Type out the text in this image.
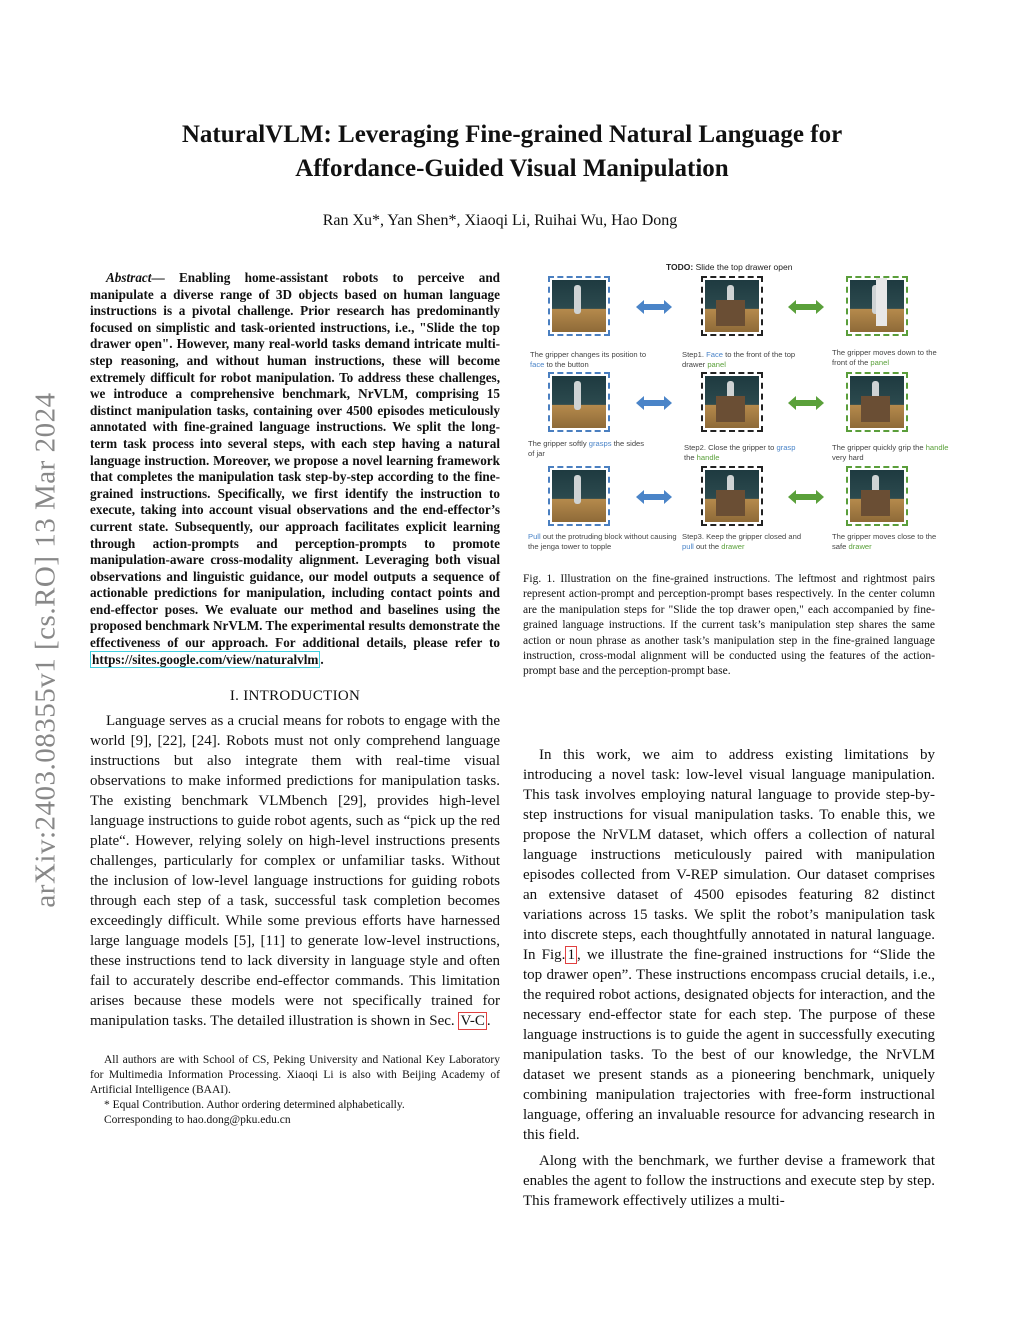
arXiv:2403.08355v1 [cs.RO] 13 Mar 2024
NaturalVLM: Leveraging Fine-grained Natural Language for
Affordance-Guided Visual Manipulation
Ran Xu*, Yan Shen*, Xiaoqi Li, Ruihai Wu, Hao Dong

Abstract— Enabling home-assistant robots to perceive and manipulate a diverse range of 3D objects based on human language instructions is a pivotal challenge. Prior research has predominantly focused on simplistic and task-oriented instructions, i.e., "Slide the top drawer open". However, many real-world tasks demand intricate multi-step reasoning, and without human instructions, these will become extremely difficult for robot manipulation. To address these challenges, we introduce a comprehensive benchmark, NrVLM, comprising 15 distinct manipulation tasks, containing over 4500 episodes meticulously annotated with fine-grained language instructions. We split the long-term task process into several steps, with each step having a natural language instruction. Moreover, we propose a novel learning framework that completes the manipulation task step-by-step according to the fine-grained instructions. Specifically, we first identify the instruction to execute, taking into account visual observations and the end-effector’s current state. Subsequently, our approach facilitates explicit learning through action-prompts and perception-prompts to promote manipulation-aware cross-modality alignment. Leveraging both visual observations and linguistic guidance, our model outputs a sequence of actionable predictions for manipulation, including contact points and end-effector poses. We evaluate our method and baselines using the proposed benchmark NrVLM. The experimental results demonstrate the effectiveness of our approach. For additional details, please refer to https://sites.google.com/view/naturalvlm .

I. INTRODUCTION

Language serves as a crucial means for robots to engage with the world [9], [22], [24]. Robots must not only comprehend language instructions but also integrate them with real-time visual observations to make informed predictions for manipulation tasks. The existing benchmark VLMbench [29], provides high-level language instructions to guide robot agents, such as “pick up the red plate“. However, relying solely on high-level instructions presents challenges, particularly for complex or unfamiliar tasks. Without the inclusion of low-level language instructions for guiding robots through each step of a task, successful task completion becomes exceedingly difficult. While some previous efforts have harnessed large language models [5], [11] to generate low-level instructions, these instructions tend to lack diversity in language style and often fail to accurately describe end-effector commands. This limitation arises because these models were not specifically trained for manipulation tasks. The detailed illustration is shown in Sec. V-C .

All authors are with School of CS, Peking University and National Key Laboratory for Multimedia Information Processing. Xiaoqi Li is also with Beijing Academy of Artificial Intelligence (BAAI).

* Equal Contribution. Author ordering determined alphabetically.

Corresponding to hao.dong@pku.edu.cn

TODO: Slide the top drawer open
The gripper changes its position to face to the button
Step1. Face to the front of the top drawer panel
The gripper moves down to the front of the panel
The gripper softly grasps the sides of jar
Step2. Close the gripper to grasp the handle
The gripper quickly grip the handle very hard
Pull out the protruding block without causing the jenga tower to topple
Step3. Keep the gripper closed and pull out the drawer
The gripper moves close to the safe drawer
Fig. 1. Illustration on the fine-grained instructions. The leftmost and rightmost pairs represent action-prompt and perception-prompt bases respectively. In the center column are the manipulation steps for "Slide the top drawer open," each accompanied by fine-grained language instructions. If the current task’s manipulation step shares the same action or noun phrase as another task’s manipulation step in the fine-grained language instruction, cross-modal alignment will be conducted using the features of the action-prompt base and the perception-prompt base.

In this work, we aim to address existing limitations by introducing a novel task: low-level visual language manipulation. This task involves employing natural language to provide step-by-step instructions for visual manipulation tasks. To enable this, we propose the NrVLM dataset, which offers a collection of natural language instructions meticulously paired with manipulation episodes collected from V-REP simulation. Our dataset comprises an extensive dataset of 4500 episodes featuring 82 distinct variations across 15 tasks. We split the robot’s manipulation task into discrete steps, each thoughtfully annotated in natural language. In Fig. 1 , we illustrate the fine-grained instructions for “Slide the top drawer open”. These instructions encompass crucial details, i.e., the required robot actions, designated objects for interaction, and the necessary end-effector state for each step. The purpose of these language instructions is to guide the agent in successfully executing manipulation tasks. To the best of our knowledge, the NrVLM dataset we present stands as a pioneering benchmark, uniquely combining manipulation trajectories with free-form instructional language, offering an invaluable resource for advancing research in this field.

Along with the benchmark, we further devise a framework that enables the agent to follow the instructions and execute step by step. This framework effectively utilizes a multi-
